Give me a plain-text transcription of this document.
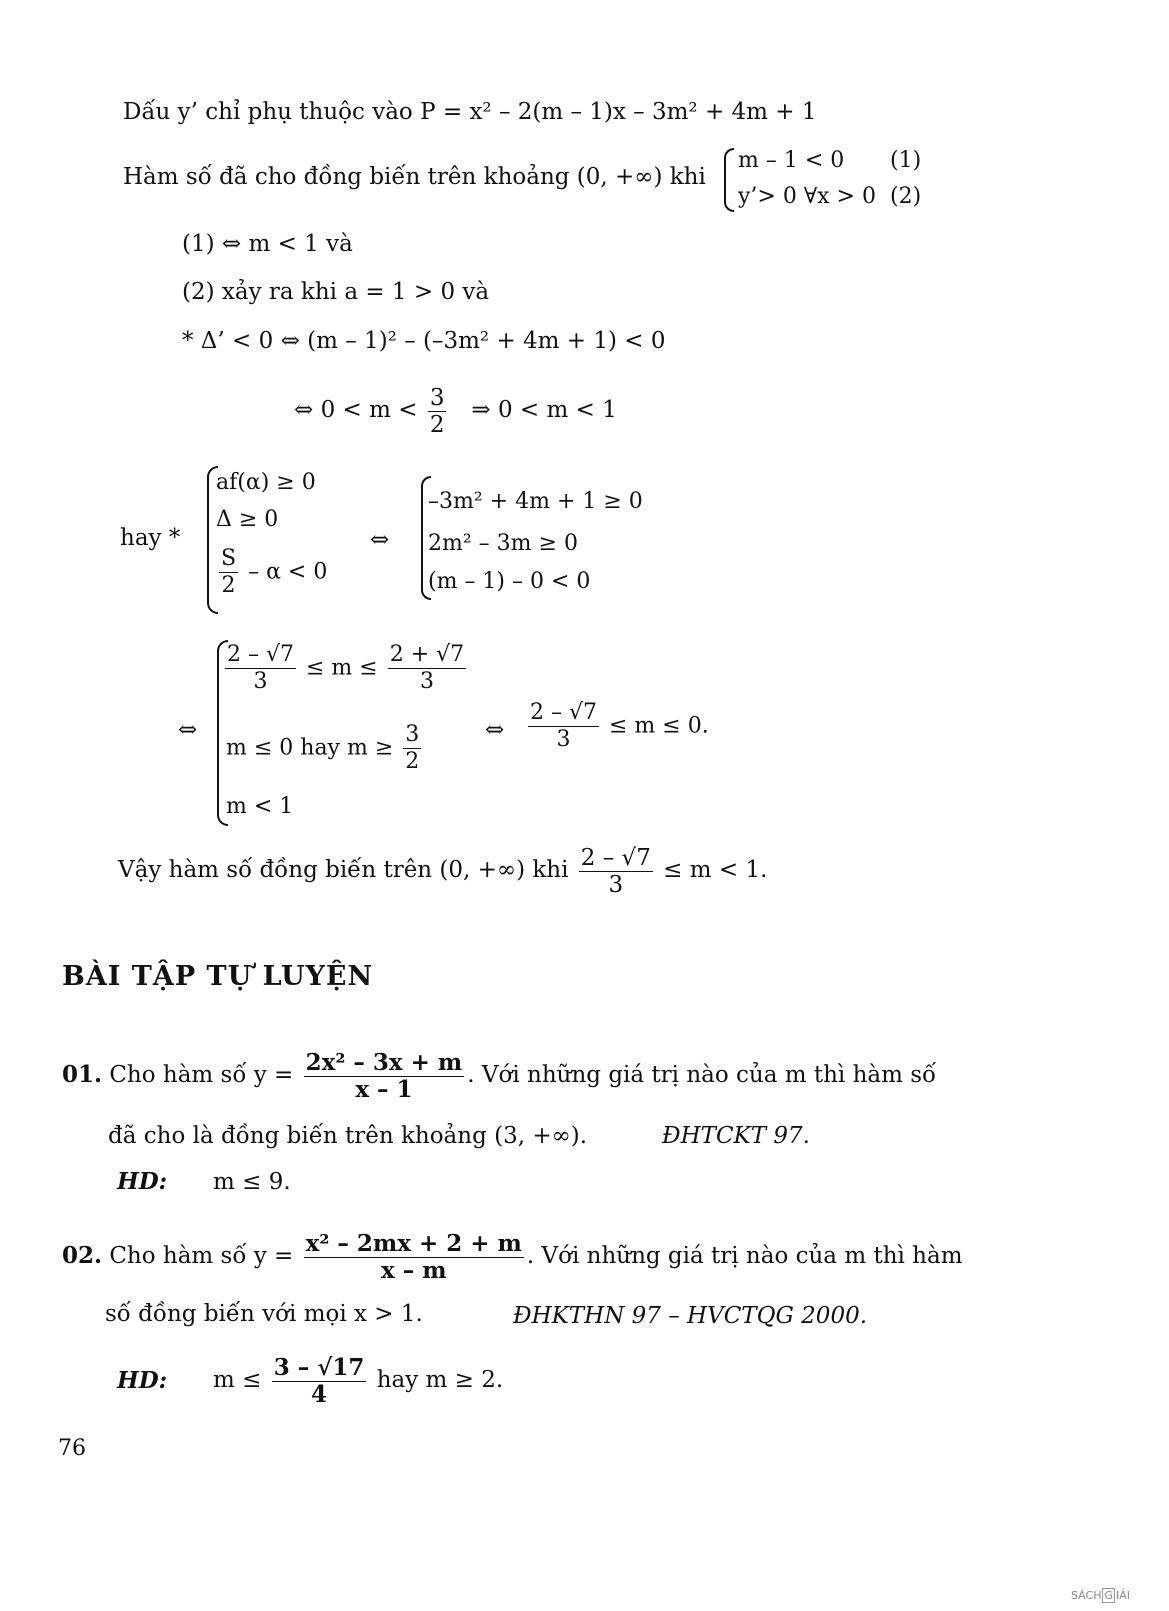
Dấu y’ chỉ phụ thuộc vào P = x² – 2(m – 1)x – 3m² + 4m + 1
Hàm số đã cho đồng biến trên khoảng (0, +∞) khi
m – 1 < 0 (1)
y’> 0 ∀x > 0 (2)
(1) ⇔ m < 1 và
(2) xảy ra khi a = 1 > 0 và
* Δ’ < 0 ⇔ (m – 1)² – (–3m² + 4m + 1) < 0
⇔ $0 < m < \frac{3}{2}$ ⇒ 0 < m < 1
hay *
af(α) ≥ 0
Δ ≥ 0
$\frac{S}{2} - \alpha < 0$
⇔
–3m² + 4m + 1 ≥ 0
2m² – 3m ≥ 0
(m – 1) – 0 < 0
⇔
$\frac{2 - √7}{3} \le m \le \frac{2 + √7}{3}$
m ≤ 0 hay $m \ge \frac{3}{2}$
m < 1
⇔ $\frac{2 - √7}{3} \le m \le 0$.
Vậy hàm số đồng biến trên (0, +∞) khi $\frac{2 - √7}{3} \le m < 1$.
BÀI TẬP TỰ LUYỆN
01. Cho hàm số $y = \frac{\text{2x² – 3x + m}}{x - 1}$ . Với những giá trị nào của m thì hàm số
đã cho là đồng biến trên khoảng (3, +∞).	ĐHTCKT 97.
HD: m ≤ 9.
02. Cho hàm số $y = \frac{\text{x² – 2mx + 2 + m}}{x - m}$ . Với những giá trị nào của m thì hàm
số đồng biến với mọi x > 1.	ĐHKTHN 97 – HVCTQG 2000.
HD: $m \le \frac{3 - √17}{4}$ hay m ≥ 2.
76
SÁCH G IẢI
